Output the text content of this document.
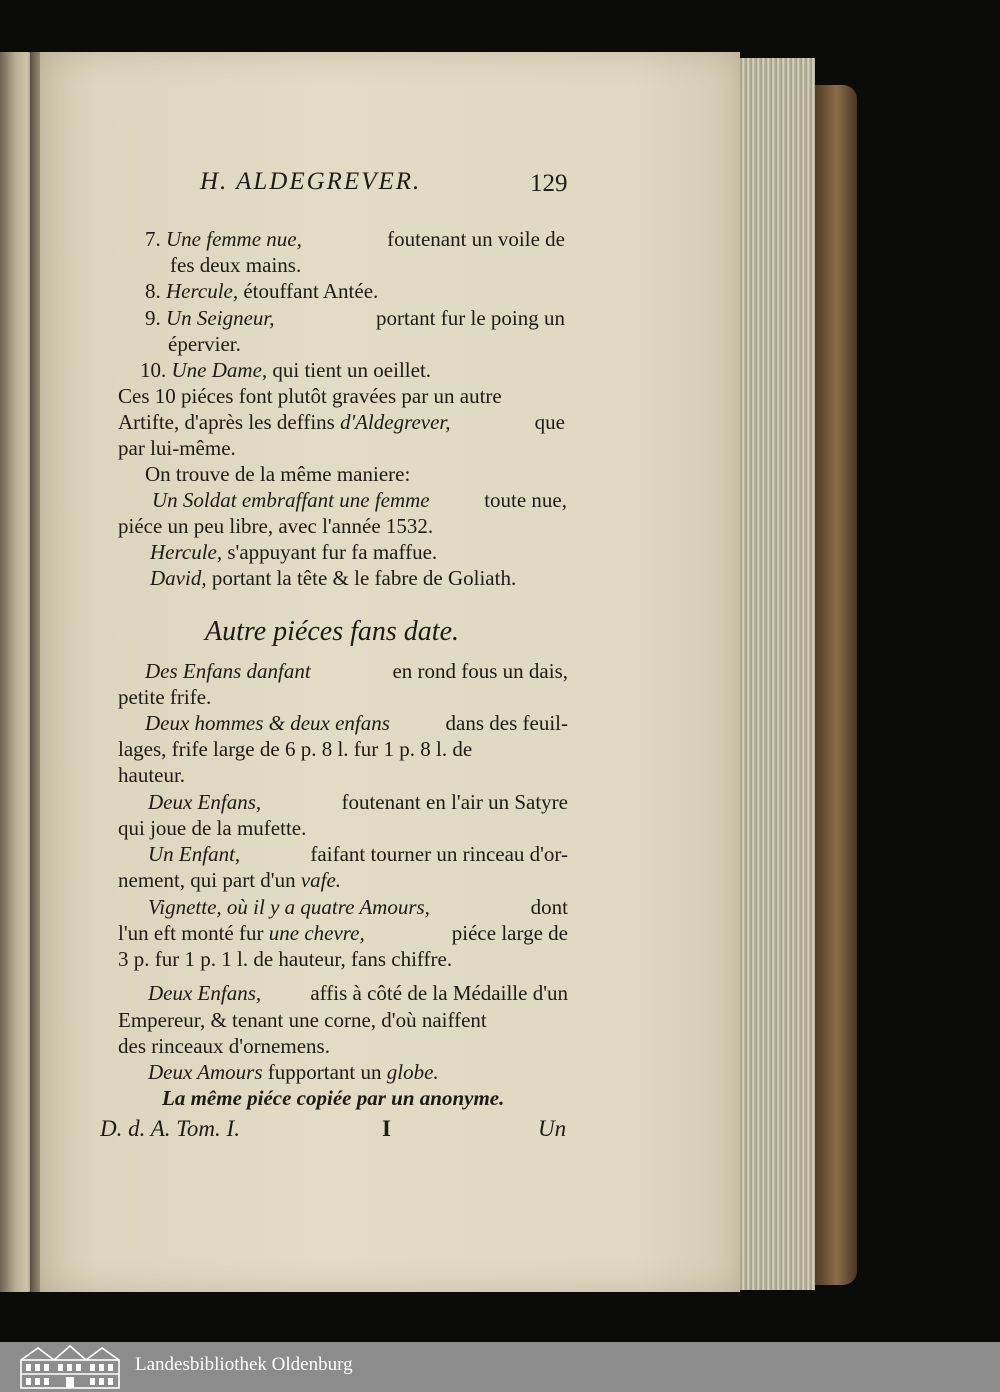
H. ALDEGREVER.	129
7. Une femme nue,	foutenant un voile de
fes deux mains.
8. Hercule, étouffant Antée.
9. Un Seigneur,	portant fur le poing un
épervier.
10. Une Dame, qui tient un oeillet.
Ces 10 piéces font plutôt gravées par un autre
Artifte, d'après les deffins d'Aldegrever,	que
par lui-même.
On trouve de la même maniere:
Un Soldat embraffant une femme	toute nue,
piéce un peu libre, avec l'année 1532.
Hercule, s'appuyant fur fa maffue.
David, portant la tête & le fabre de Goliath.
Autre piéces fans date.
Des Enfans danfant	en rond fous un dais,
petite frife.
Deux hommes & deux enfans	dans des feuil-
lages, frife large de 6 p. 8 l. fur 1 p. 8 l. de
hauteur.
Deux Enfans,	foutenant en l'air un Satyre
qui joue de la mufette.
Un Enfant,	faifant tourner un rinceau d'or-
nement, qui part d'un vafe.
Vignette, où il y a quatre Amours,	dont
l'un eft monté fur une chevre,	piéce large de
3 p. fur 1 p. 1 l. de hauteur, fans chiffre.
Deux Enfans, affis à côté de la Médaille d'un
Empereur, & tenant une corne, d'où naiffent
des rinceaux d'ornemens.
Deux Amours fupportant un globe.
La même piéce copiée par un anonyme.
D. d. A. Tom. I.	I	Un
Landesbibliothek Oldenburg
